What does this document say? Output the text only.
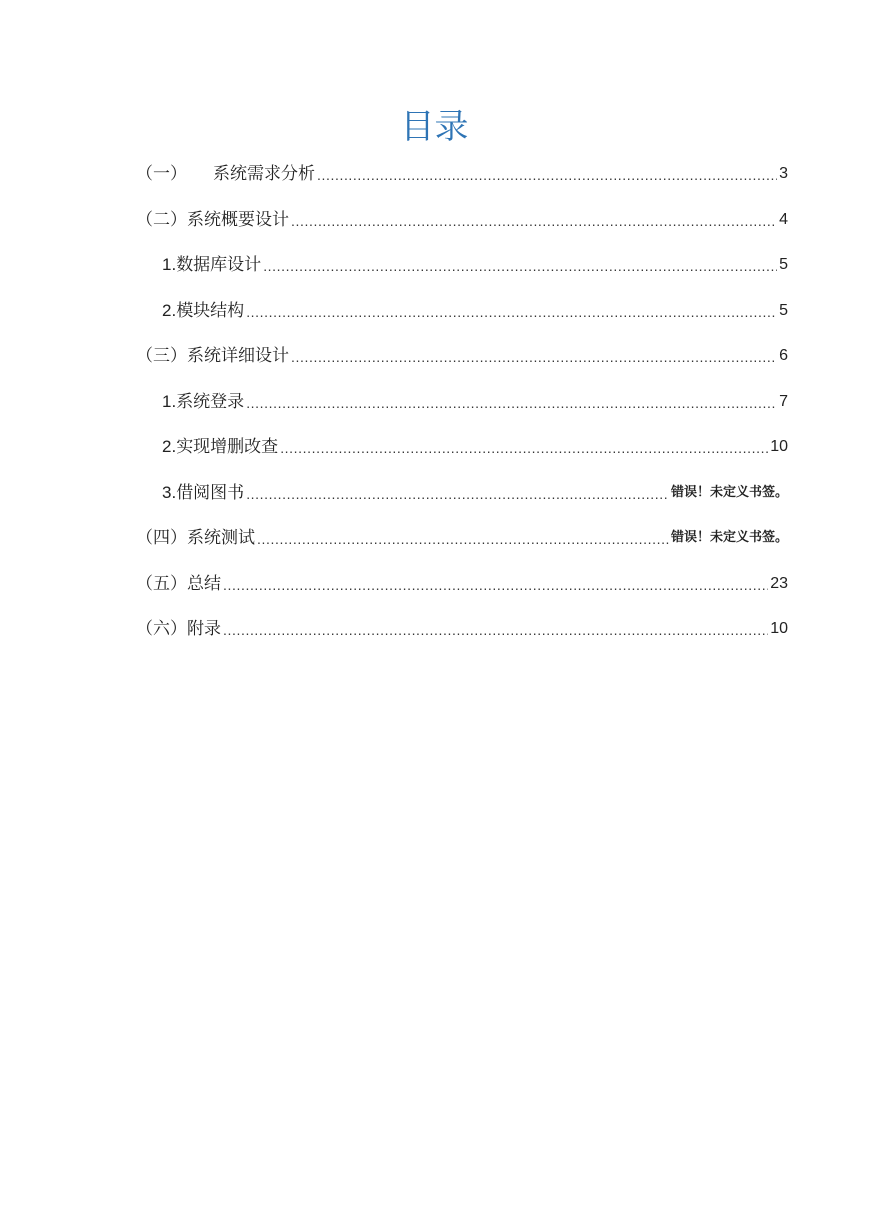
目录
（一） 系统需求分析 .....	3
（二）系统概要设计 .....	4
1.数据库设计 .....	5
2.模块结构 .....	5
（三）系统详细设计 .....	6
1.系统登录 .....	7
2.实现增删改查 .....	10
3.借阅图书 .....	错误！未定义书签。
（四）系统测试 .....	错误！未定义书签。
（五）总结 .....	23
（六）附录 .....	10
